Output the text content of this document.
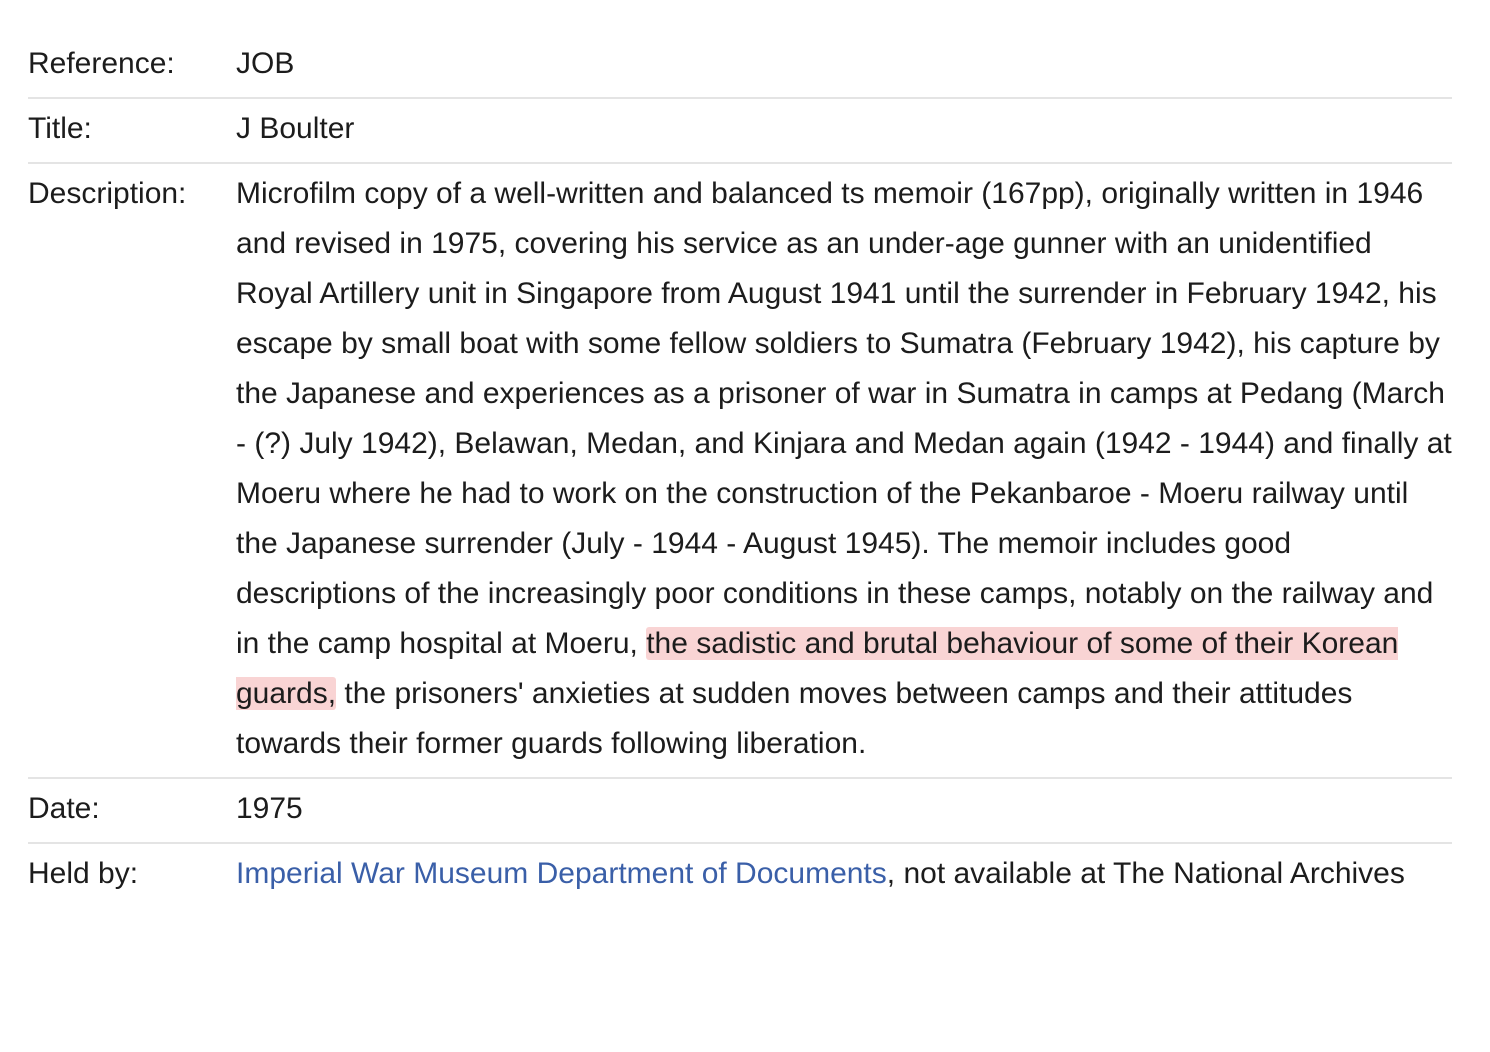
Reference:	JOB
Title:	J Boulter
Description:	Microfilm copy of a well-written and balanced ts memoir (167pp), originally written in 1946 and revised in 1975, covering his service as an under-age gunner with an unidentified Royal Artillery unit in Singapore from August 1941 until the surrender in February 1942, his escape by small boat with some fellow soldiers to Sumatra (February 1942), his capture by the Japanese and experiences as a prisoner of war in Sumatra in camps at Pedang (March - (?) July 1942), Belawan, Medan, and Kinjara and Medan again (1942 - 1944) and finally at Moeru where he had to work on the construction of the Pekanbaroe - Moeru railway until the Japanese surrender (July - 1944 - August 1945). The memoir includes good descriptions of the increasingly poor conditions in these camps, notably on the railway and in the camp hospital at Moeru, the sadistic and brutal behaviour of some of their Korean guards, the prisoners' anxieties at sudden moves between camps and their attitudes towards their former guards following liberation.
Date:	1975
Held by:	Imperial War Museum Department of Documents, not available at The National Archives
